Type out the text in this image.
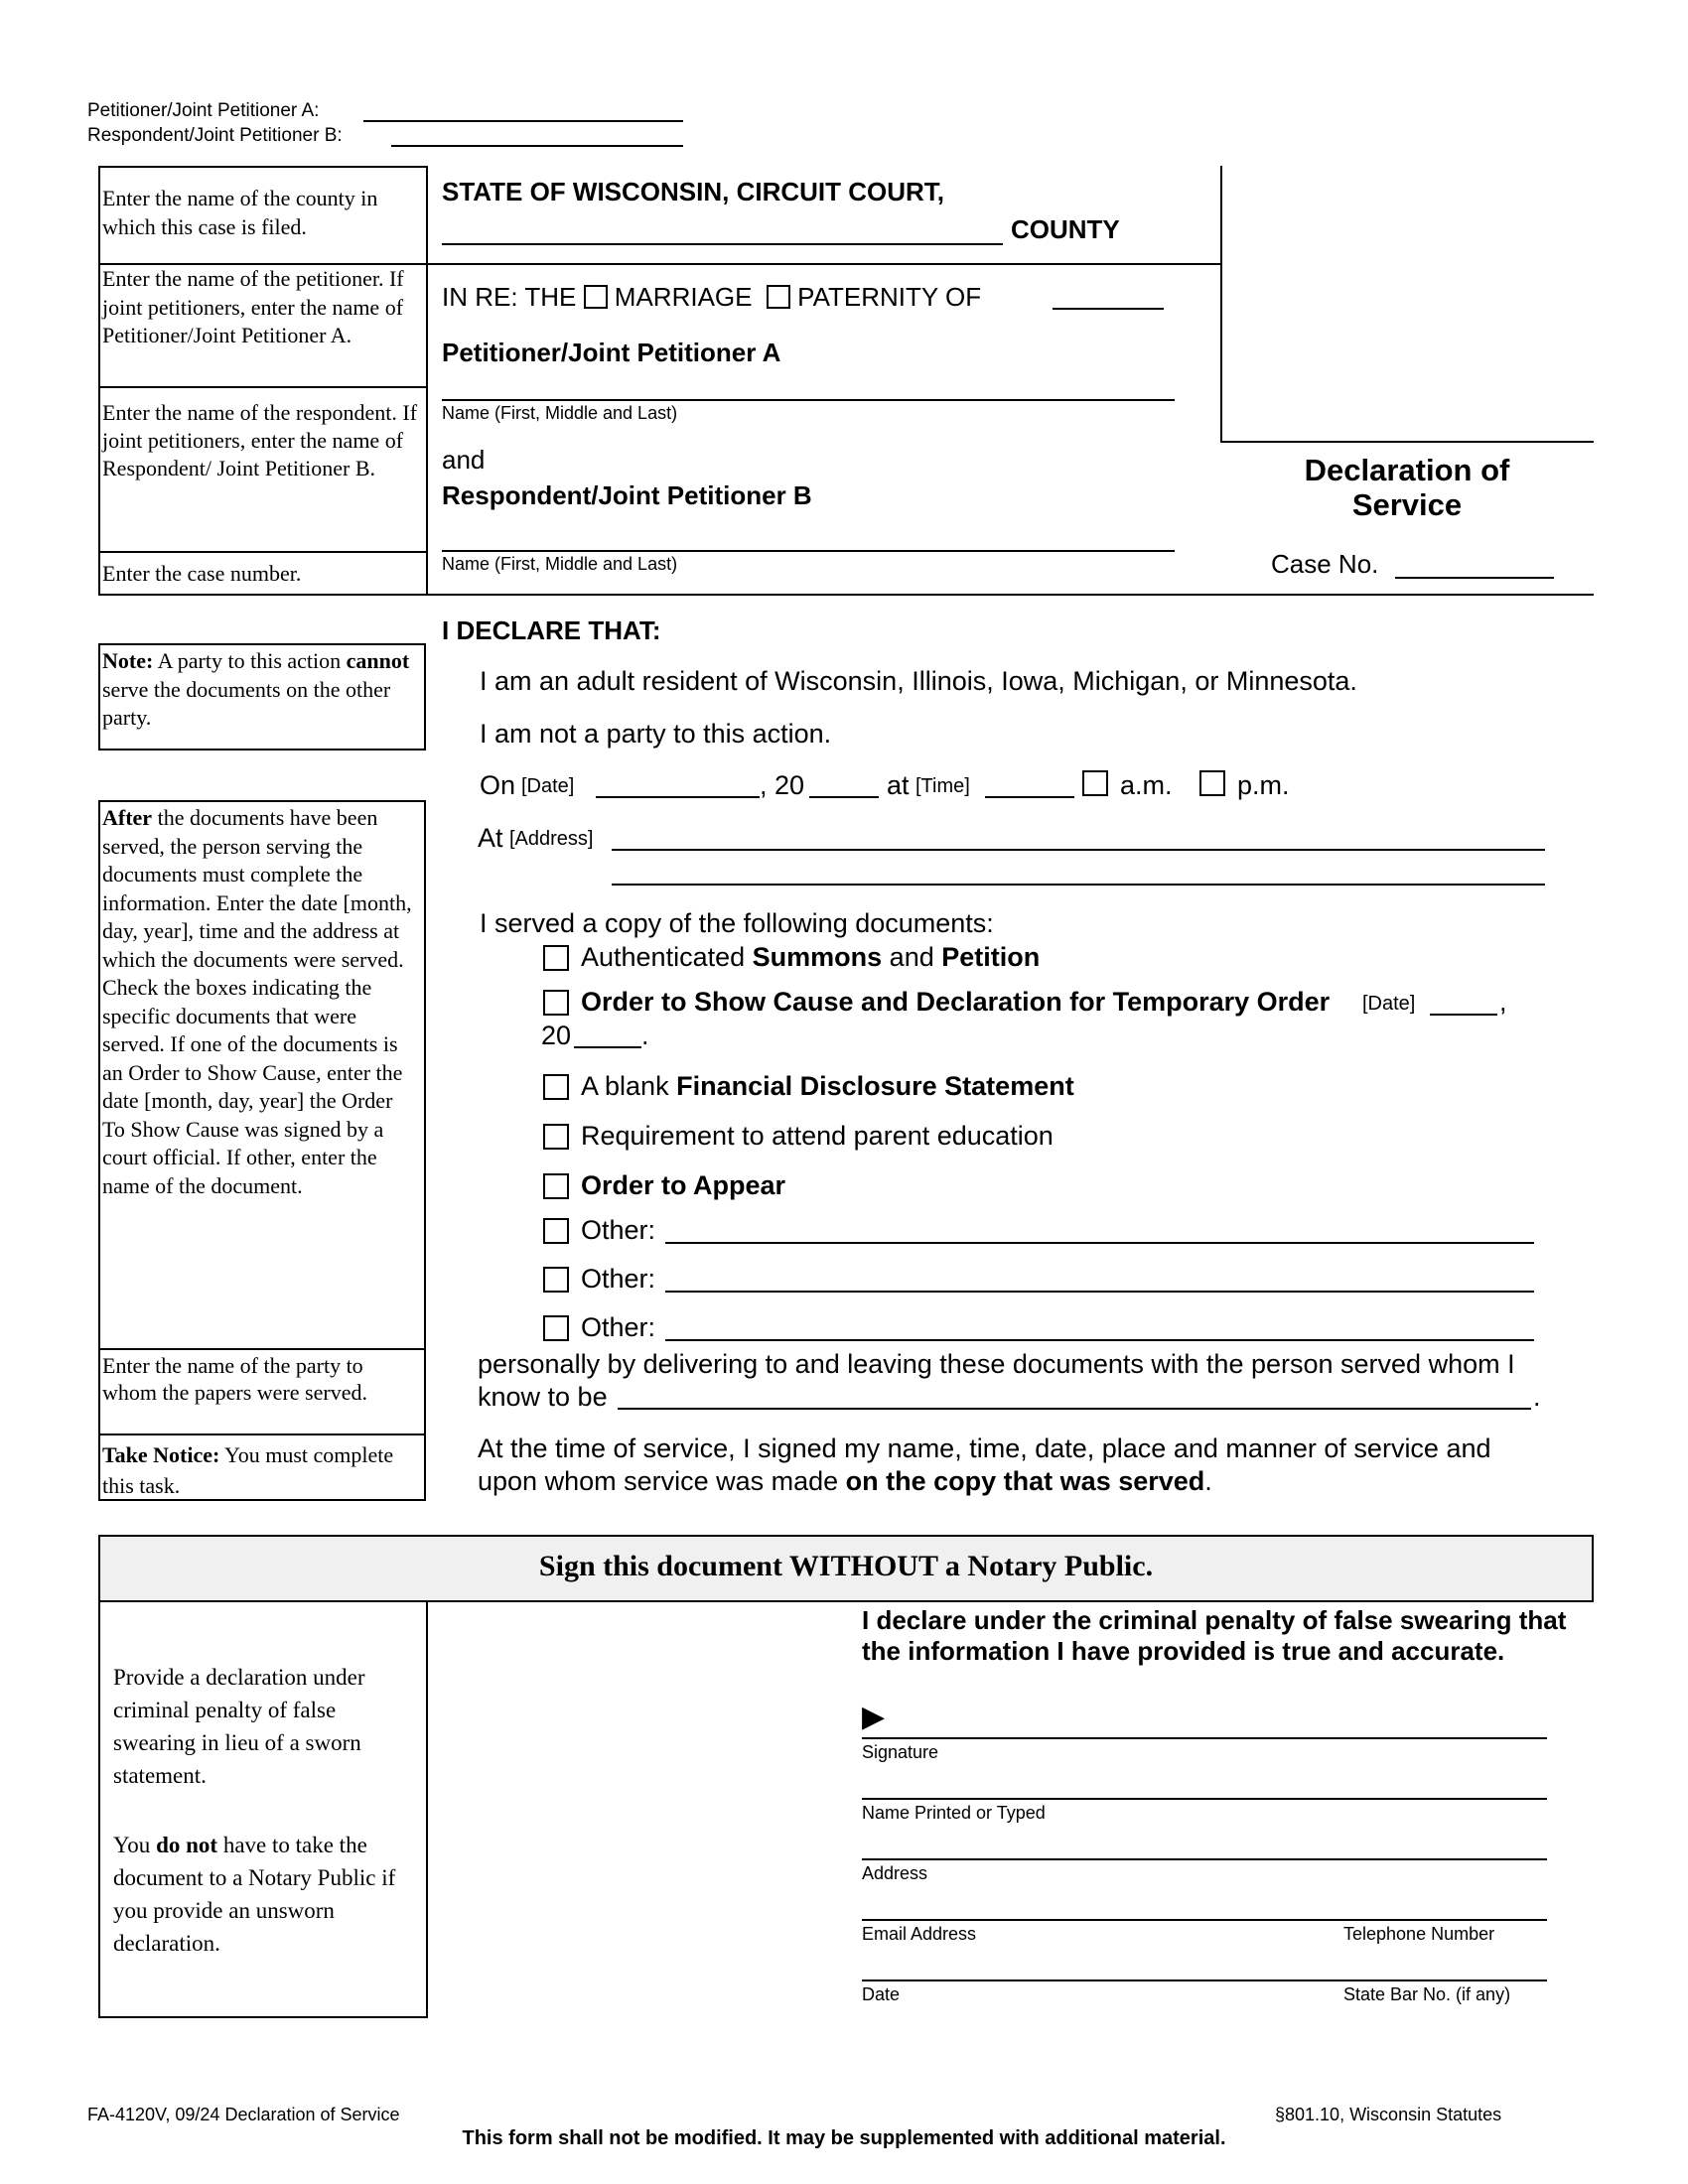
Petitioner/Joint Petitioner A:
Respondent/Joint Petitioner B:
Enter the name of the county in which this case is filed.
Enter the name of the petitioner. If joint petitioners, enter the name of Petitioner/Joint Petitioner A.
Enter the name of the respondent. If joint petitioners, enter the name of Respondent/ Joint Petitioner B.
Enter the case number.
STATE OF WISCONSIN, CIRCUIT COURT,
COUNTY
IN RE: THE MARRIAGE PATERNITY OF
Petitioner/Joint Petitioner A
Name (First, Middle and Last)
and
Respondent/Joint Petitioner B
Name (First, Middle and Last)
Declaration of Service
Case No.
Note: A party to this action cannot serve the documents on the other party.
After the documents have been served, the person serving the documents must complete the information. Enter the date [month, day, year], time and the address at which the documents were served. Check the boxes indicating the specific documents that were served. If one of the documents is an Order to Show Cause, enter the date [month, day, year] the Order To Show Cause was signed by a court official. If other, enter the name of the document.
Enter the name of the party to whom the papers were served.
Take Notice: You must complete this task.
I DECLARE THAT:
I am an adult resident of Wisconsin, Illinois, Iowa, Michigan, or Minnesota.
I am not a party to this action.
On [Date]	, 20	at [Time]	a.m. p.m.
At [Address]
I served a copy of the following documents:
Authenticated Summons and Petition
Order to Show Cause and Declaration for Temporary Order [Date]	,
20	.
A blank Financial Disclosure Statement
Requirement to attend parent education
Order to Appear
Other:
Other:
Other:
personally by delivering to and leaving these documents with the person served whom I
know to be	.
At the time of service, I signed my name, time, date, place and manner of service and
upon whom service was made on the copy that was served.
Sign this document WITHOUT a Notary Public.
Provide a declaration under criminal penalty of false swearing in lieu of a sworn statement.
You do not have to take the document to a Notary Public if you provide an unsworn declaration.
I declare under the criminal penalty of false swearing that the information I have provided is true and accurate.
▶
Signature
Name Printed or Typed
Address
Email Address	Telephone Number
Date	State Bar No. (if any)
FA-4120V, 09/24 Declaration of Service	§801.10, Wisconsin Statutes
This form shall not be modified. It may be supplemented with additional material.
